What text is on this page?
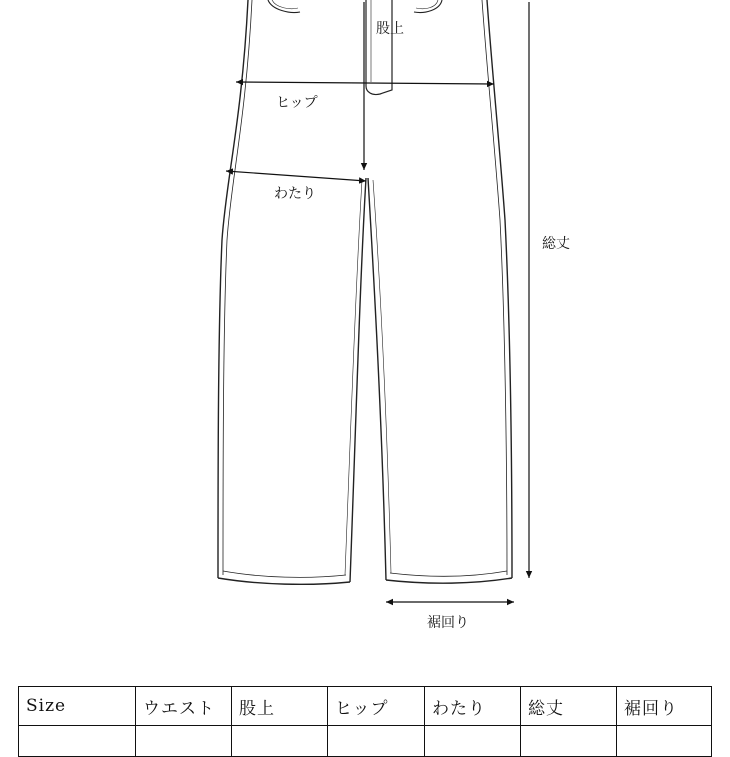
股上
ヒップ
わたり
総丈
裾回り
Size	ウエスト	股上	ヒップ	わたり	総丈	裾回り
